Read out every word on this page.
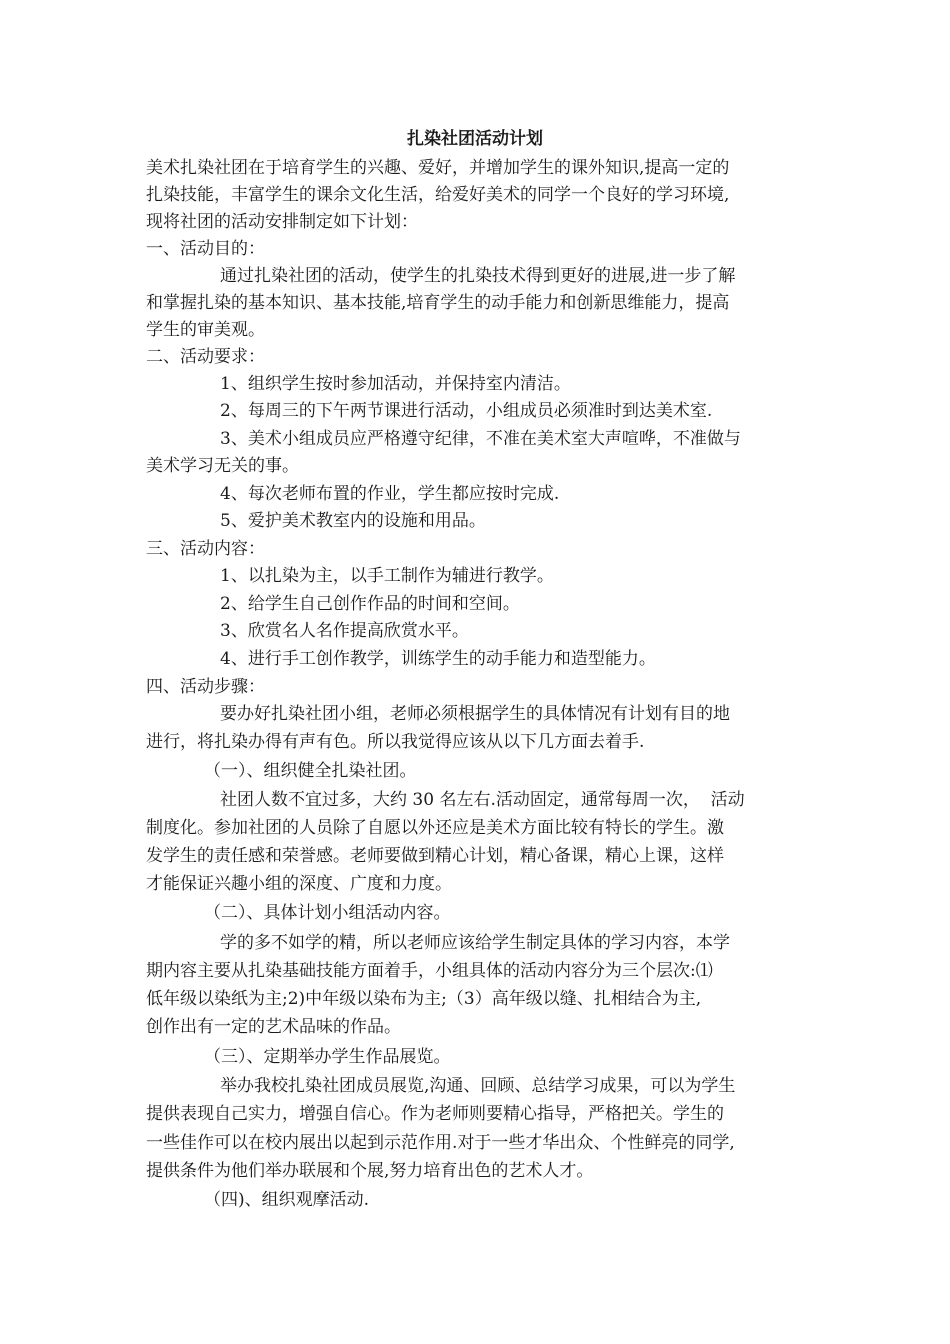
扎染社团活动计划
美术扎染社团在于培育学生的兴趣、爱好，并增加学生的课外知识,提高一定的
扎染技能，丰富学生的课余文化生活，给爱好美术的同学一个良好的学习环境,
现将社团的活动安排制定如下计划：
一、活动目的：
通过扎染社团的活动，使学生的扎染技术得到更好的进展,进一步了解
和掌握扎染的基本知识、基本技能,培育学生的动手能力和创新思维能力，提高
学生的审美观。
二、活动要求：
1、组织学生按时参加活动，并保持室内清洁。
2、每周三的下午两节课进行活动，小组成员必须准时到达美术室.
3、美术小组成员应严格遵守纪律，不准在美术室大声喧哗，不准做与
美术学习无关的事。
4、每次老师布置的作业，学生都应按时完成.
5、爱护美术教室内的设施和用品。
三、活动内容：
1、以扎染为主，以手工制作为辅进行教学。
2、给学生自己创作作品的时间和空间。
3、欣赏名人名作提高欣赏水平。
4、进行手工创作教学，训练学生的动手能力和造型能力。
四、活动步骤：
要办好扎染社团小组，老师必须根据学生的具体情况有计划有目的地
进行，将扎染办得有声有色。所以我觉得应该从以下几方面去着手.
（一）、组织健全扎染社团。
社团人数不宜过多，大约 30 名左右.活动固定，通常每周一次，  活动
制度化。参加社团的人员除了自愿以外还应是美术方面比较有特长的学生。激
发学生的责任感和荣誉感。老师要做到精心计划，精心备课，精心上课，这样
才能保证兴趣小组的深度、广度和力度。
（二）、具体计划小组活动内容。
学的多不如学的精，所以老师应该给学生制定具体的学习内容，本学
期内容主要从扎染基础技能方面着手，小组具体的活动内容分为三个层次:⑴
低年级以染纸为主;2)中年级以染布为主;（3）高年级以缝、扎相结合为主,
创作出有一定的艺术品味的作品。
（三）、定期举办学生作品展览。
举办我校扎染社团成员展览,沟通、回顾、总结学习成果，可以为学生
提供表现自己实力，增强自信心。作为老师则要精心指导，严格把关。学生的
一些佳作可以在校内展出以起到示范作用.对于一些才华出众、个性鲜亮的同学,
提供条件为他们举办联展和个展,努力培育出色的艺术人才。
（四)、组织观摩活动.
